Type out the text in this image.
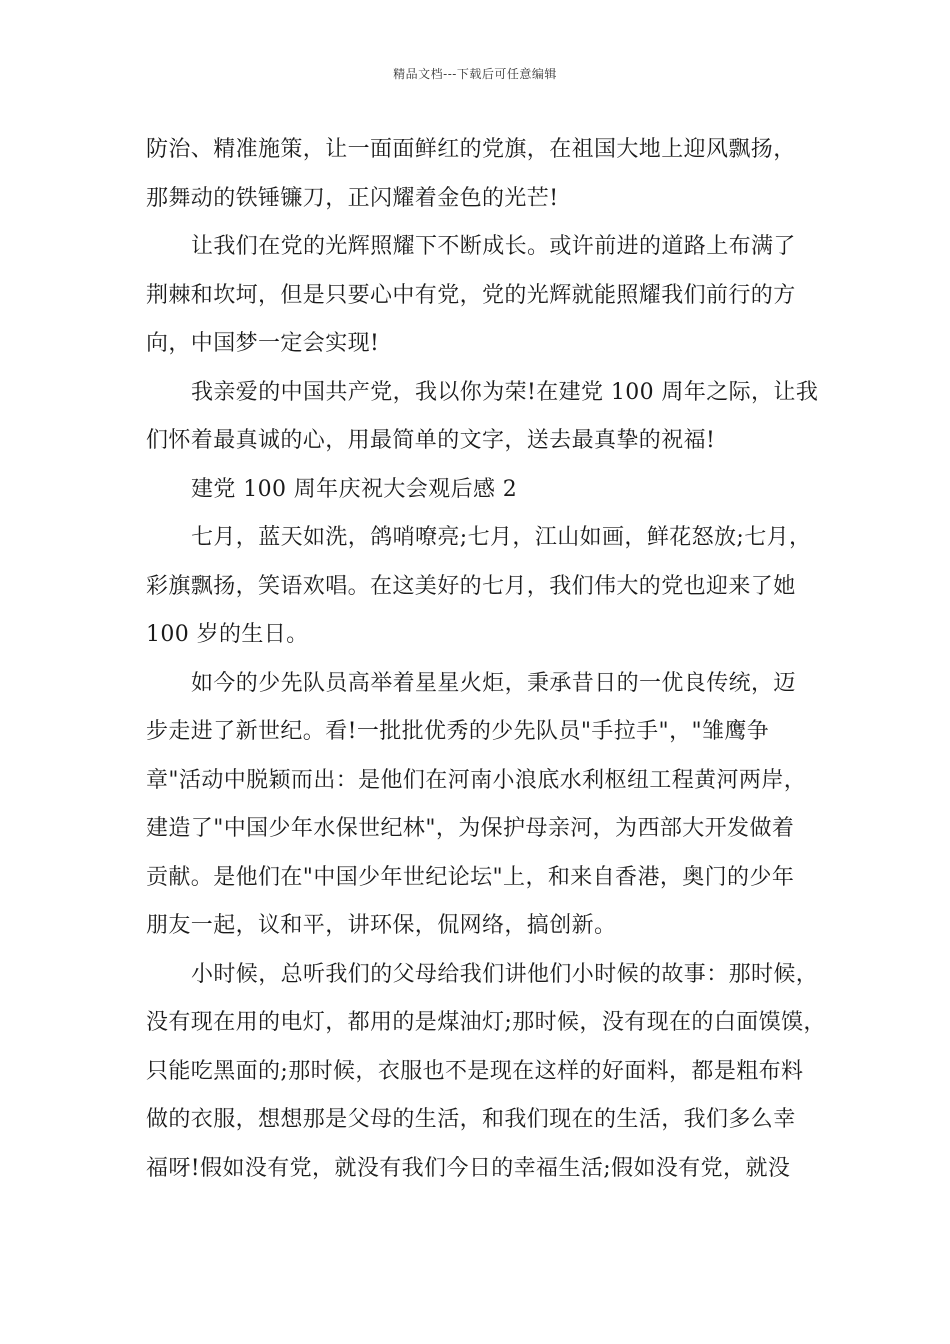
精品文档---下载后可任意编辑

防治、精准施策，让一面面鲜红的党旗，在祖国大地上迎风飘扬，
那舞动的铁锤镰刀，正闪耀着金色的光芒!

让我们在党的光辉照耀下不断成长。或许前进的道路上布满了
荆棘和坎坷，但是只要心中有党，党的光辉就能照耀我们前行的方
向，中国梦一定会实现!

我亲爱的中国共产党，我以你为荣!在建党 100 周年之际，让我
们怀着最真诚的心，用最简单的文字，送去最真挚的祝福!

建党 100 周年庆祝大会观后感 2

七月，蓝天如洗，鸽哨嘹亮;七月，江山如画，鲜花怒放;七月，
彩旗飘扬，笑语欢唱。在这美好的七月，我们伟大的党也迎来了她
100 岁的生日。

如今的少先队员高举着星星火炬，秉承昔日的一优良传统，迈
步走进了新世纪。看!一批批优秀的少先队员"手拉手"，"雏鹰争
章"活动中脱颖而出：是他们在河南小浪底水利枢纽工程黄河两岸，
建造了"中国少年水保世纪林"，为保护母亲河，为西部大开发做着
贡献。是他们在"中国少年世纪论坛"上，和来自香港，奥门的少年
朋友一起，议和平，讲环保，侃网络，搞创新。

小时候，总听我们的父母给我们讲他们小时候的故事：那时候，
没有现在用的电灯，都用的是煤油灯;那时候，没有现在的白面馍馍，
只能吃黑面的;那时候，衣服也不是现在这样的好面料，都是粗布料
做的衣服，想想那是父母的生活，和我们现在的生活，我们多么幸
福呀!假如没有党，就没有我们今日的幸福生活;假如没有党，就没
